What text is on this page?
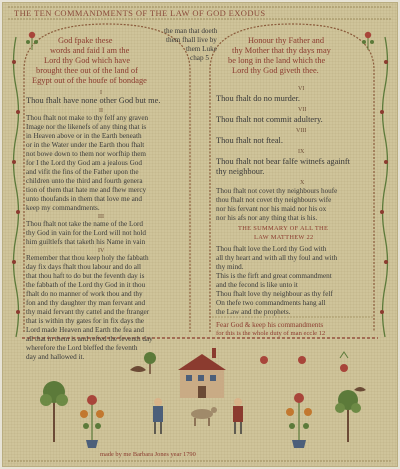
THE TEN COMMANDMENTS OF THE LAW OF GOD EXODUS
God fpake these
words and faid I am the
Lord thy God which have
brought thee out of the land of
Egypt out of the houfe of bondage
I
Thou fhalt have none other God but me.
II
Thou fhalt not make to thy felf any graven
Image nor the likenefs of any thing that is
in Heaven above or in the Earth beneath
or in the Water under the Earth thou fhalt
not bowe down to them nor worfhip them
for I the Lord thy God am a jealous God
and vifit the fins of the Father upon the
children unto the third and fourth genera
tion of them that hate me and fhew mercy
unto thoufands in them that love me and
keep my commandments.
III
Thou fhalt not take the name of the Lord
thy God in vain for the Lord will not hold
him guiltlefs that taketh his Name in vain
IV
Remember that thou keep holy the fabbath
day fix days fhalt thou labour and do all
that thou haft to do but the feventh day is
the fabbath of the Lord thy God in it thou
fhalt do no manner of work thou and thy
fon and thy daughter thy man fervant and
thy maid fervant thy cattel and the ftranger
that is within thy gates for in fix days the
Lord made Heaven and Earth the fea and
all that in them is and refted the feventh day
wherefore the Lord bleffed the feventh
day and hallowed it.
the man that doeth
them fhall live by
them Luke
chap 5
Honour thy Father and
thy Mother that thy days may
be long in the land which the
Lord thy God giveth thee.
VI
Thou fhalt do no murder.
VII
Thou fhalt not commit adultery.
VIII
Thou fhalt not fteal.
IX
Thou fhalt not bear falfe witnefs againft
thy neighbour.
X
Thou fhalt not covet thy neighbours houfe
thou fhalt not covet thy neighbours wife
nor his fervant nor his maid nor his ox
nor his afs nor any thing that is his.
THE SUMMARY OF ALL THE
LAW MATTHEW 22
Thou fhalt love the Lord thy God with
all thy heart and with all thy foul and with
thy mind.
This is the firft and great commandment
and the fecond is like unto it
Thou fhalt love thy neighbour as thy felf
On thefe two commandments hang all
the Law and the prophets.
Fear God & keep his commandments
for this is the whole duty of man eccle 12
made by me Barbara Jones year 1790
